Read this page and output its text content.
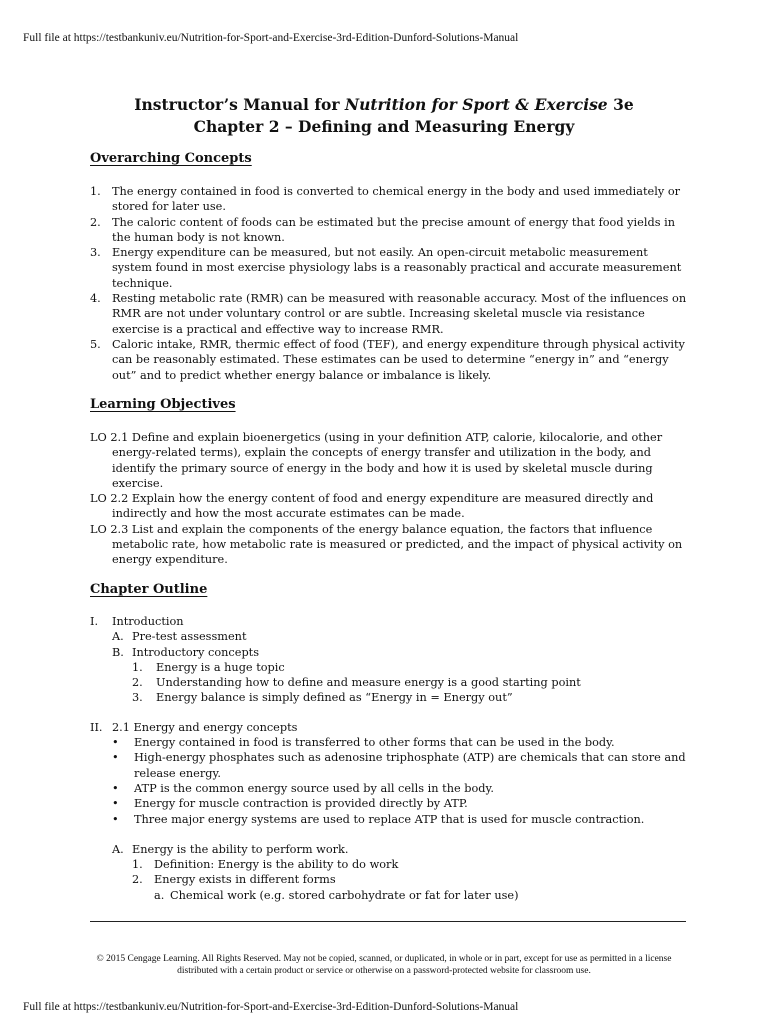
Full file at https://testbankuniv.eu/Nutrition-for-Sport-and-Exercise-3rd-Edition-Dunford-Solutions-Manual
Instructor’s Manual for Nutrition for Sport & Exercise 3e
Chapter 2 – Defining and Measuring Energy
Overarching Concepts
1. The energy contained in food is converted to chemical energy in the body and used immediately or stored for later use.
2. The caloric content of foods can be estimated but the precise amount of energy that food yields in the human body is not known.
3. Energy expenditure can be measured, but not easily. An open-circuit metabolic measurement system found in most exercise physiology labs is a reasonably practical and accurate measurement technique.
4. Resting metabolic rate (RMR) can be measured with reasonable accuracy. Most of the influences on RMR are not under voluntary control or are subtle. Increasing skeletal muscle via resistance exercise is a practical and effective way to increase RMR.
5. Caloric intake, RMR, thermic effect of food (TEF), and energy expenditure through physical activity can be reasonably estimated. These estimates can be used to determine “energy in” and “energy out” and to predict whether energy balance or imbalance is likely.
Learning Objectives
LO 2.1 Define and explain bioenergetics (using in your definition ATP, calorie, kilocalorie, and other energy-related terms), explain the concepts of energy transfer and utilization in the body, and identify the primary source of energy in the body and how it is used by skeletal muscle during exercise.
LO 2.2 Explain how the energy content of food and energy expenditure are measured directly and indirectly and how the most accurate estimates can be made.
LO 2.3 List and explain the components of the energy balance equation, the factors that influence metabolic rate, how metabolic rate is measured or predicted, and the impact of physical activity on energy expenditure.
Chapter Outline
I.	Introduction
A. Pre-test assessment
B. Introductory concepts
1.	Energy is a huge topic
2.	Understanding how to define and measure energy is a good starting point
3.	Energy balance is simply defined as “Energy in = Energy out”
II. 2.1 Energy and energy concepts
•	Energy contained in food is transferred to other forms that can be used in the body.
•	High-energy phosphates such as adenosine triphosphate (ATP) are chemicals that can store and release energy.
•	ATP is the common energy source used by all cells in the body.
•	Energy for muscle contraction is provided directly by ATP.
•	Three major energy systems are used to replace ATP that is used for muscle contraction.
A. Energy is the ability to perform work.
1. Definition: Energy is the ability to do work
2. Energy exists in different forms
a. Chemical work (e.g. stored carbohydrate or fat for later use)
© 2015 Cengage Learning. All Rights Reserved. May not be copied, scanned, or duplicated, in whole or in part, except for use as permitted in a license distributed with a certain product or service or otherwise on a password-protected website for classroom use.
Full file at https://testbankuniv.eu/Nutrition-for-Sport-and-Exercise-3rd-Edition-Dunford-Solutions-Manual
